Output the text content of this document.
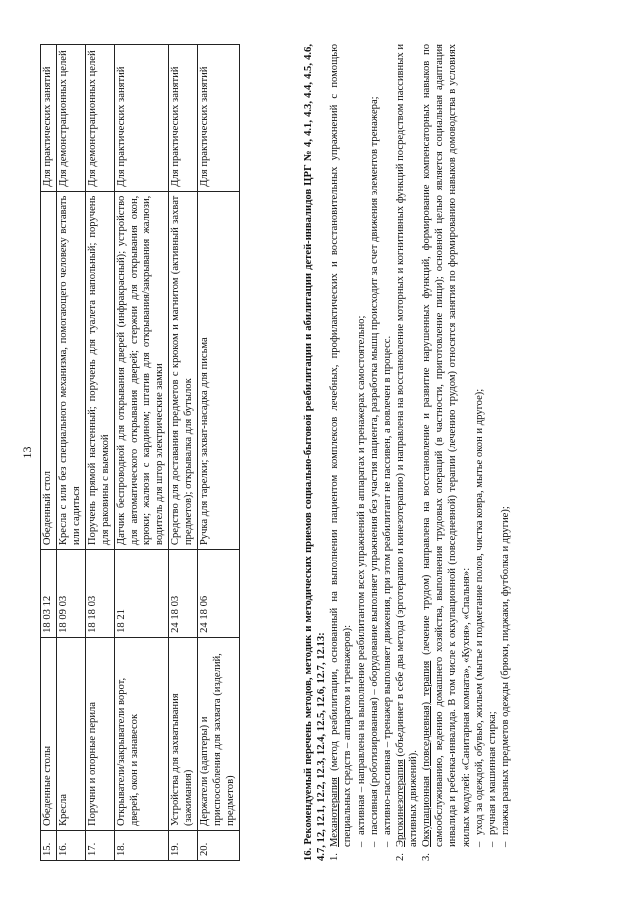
13
15.	Обеденные столы	18 03 12	Обеденный стол	Для практических занятий
16.	Кресла	18 09 03	Кресла с или без специального механизма, помогающего человеку вставать или садиться	Для демонстрационных целей
17.	Поручни и опорные перила	18 18 03	Поручень прямой настенный; поручень для туалета напольный; поручень для раковины с выемкой	Для демонстрационных целей
18.	Открыватели/закрыватели ворот, дверей, окон и занавесок	18 21	Датчик беспроводной для открывания дверей (инфракрасный); устройство для автоматического открывания дверей; стержни для открывания окон, крюки; жалюзи с кардином; штатив для открывания/закрывания жалюзи, водитель для штор электрические замки	Для практических занятий
19.	Устройства для захватывания (зажимания)	24 18 03	Средство для доставания предметов с крюком и магнитом (активный захват предметов); открывалка для бутылок	Для практических занятий
20.	Держатели (адаптеры) и приспособления для захвата (изделий, предметов)	24 18 06	Ручка для тарелки; захват-насадка для письма	Для практических занятий	16. Рекомендуемый перечень методов, методик и методических приемов социально-бытовой реабилитации и абилитации детей-инвалидов ЦРГ № 4, 4.1, 4.3, 4.4, 4.5, 4.6, 4.7, 12, 12.1, 12.2, 12.3, 12.4, 12.5, 12.6, 12.7, 12.13: 1.
Механотерапия (метод реабилитации, основанный на выполнении пациентом комплексов лечебных, профилактических и восстановительных упражнений с помощью специальных средств – аппаратов и тренажеров): –
активная – направлена на выполнение реабилитантом всех упражнений в аппаратах и тренажерах самостоятельно;
–
пассивная (роботизированная) – оборудование выполняет упражнения без участия пациента, разработка мышц происходит за счет движения элементов тренажера;
–
активно-пассивная – тренажер выполняет движения, при этом реабилитант не пассивен, а вовлечен в процесс.
2.
Эргокинезотерапия (объединяет в себе два метода (эрготерапию и кинезотерапию) и направлена на восстановление моторных и когнитивных функций посредством пассивных и активных движений).
3.
Оккупационная (повседневная) терапия (лечение трудом) направлена на восстановление и развитие нарушенных функций, формирование компенсаторных навыков по самообслуживанию, ведению домашнего хозяйства, выполнения трудовых операций (в частности, приготовление пищи); основной целью является социальная адаптация инвалида и ребенка-инвалида. В том числе к оккупационной (повседневной) терапии (лечению трудом) относятся занятия по формированию навыков домоводства в условиях жилых модулей: «Санитарная комната», «Кухня», «Спальня»: –
уход за одеждой, обувью, жильем (мытье и подметание полов, чистка ковра, мытье окон и другое);
–
ручная и машинная стирка;
–
глажка разных предметов одежды (брюки, пиджаки, футболка и другие);
